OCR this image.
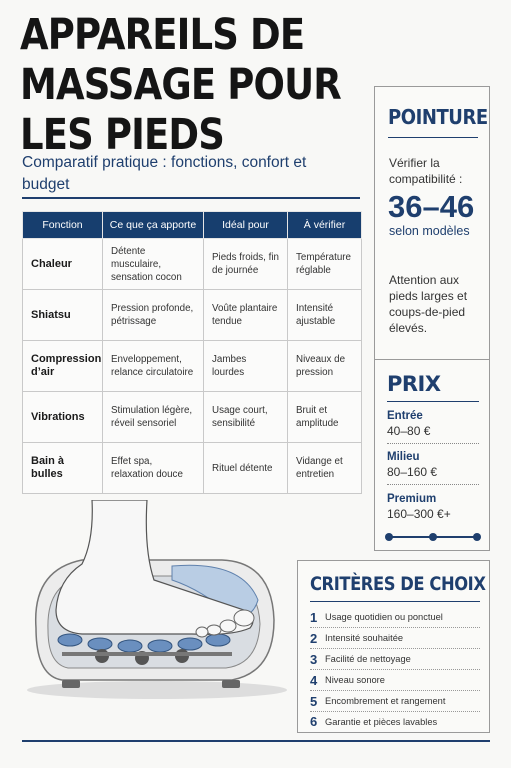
APPAREILS DE
MASSAGE POUR
LES PIEDS
Comparatif pratique : fonctions, confort et budget
Fonction	Ce que ça apporte	Idéal pour	À vérifier
Chaleur	Détente musculaire, sensation cocon	Pieds froids, fin de journée	Température réglable
Shiatsu	Pression profonde, pétrissage	Voûte plantaire tendue	Intensité ajustable
Compression d’air	Enveloppement, relance circulatoire	Jambes lourdes	Niveaux de pression
Vibrations	Stimulation légère, réveil sensoriel	Usage court, sensibilité	Bruit et amplitude
Bain à bulles	Effet spa, relaxation douce	Rituel détente	Vidange et entretien
POINTURE
Vérifier la compatibilité :
36–46
selon modèles
Attention aux pieds larges et coups-de-pied élevés.
PRIX
Entrée
40–80 €
Milieu
80–160 €
Premium
160–300 €+
CRITÈRES DE CHOIX
1 Usage quotidien ou ponctuel
2 Intensité souhaitée
3 Facilité de nettoyage
4 Niveau sonore
5 Encombrement et rangement
6 Garantie et pièces lavables
